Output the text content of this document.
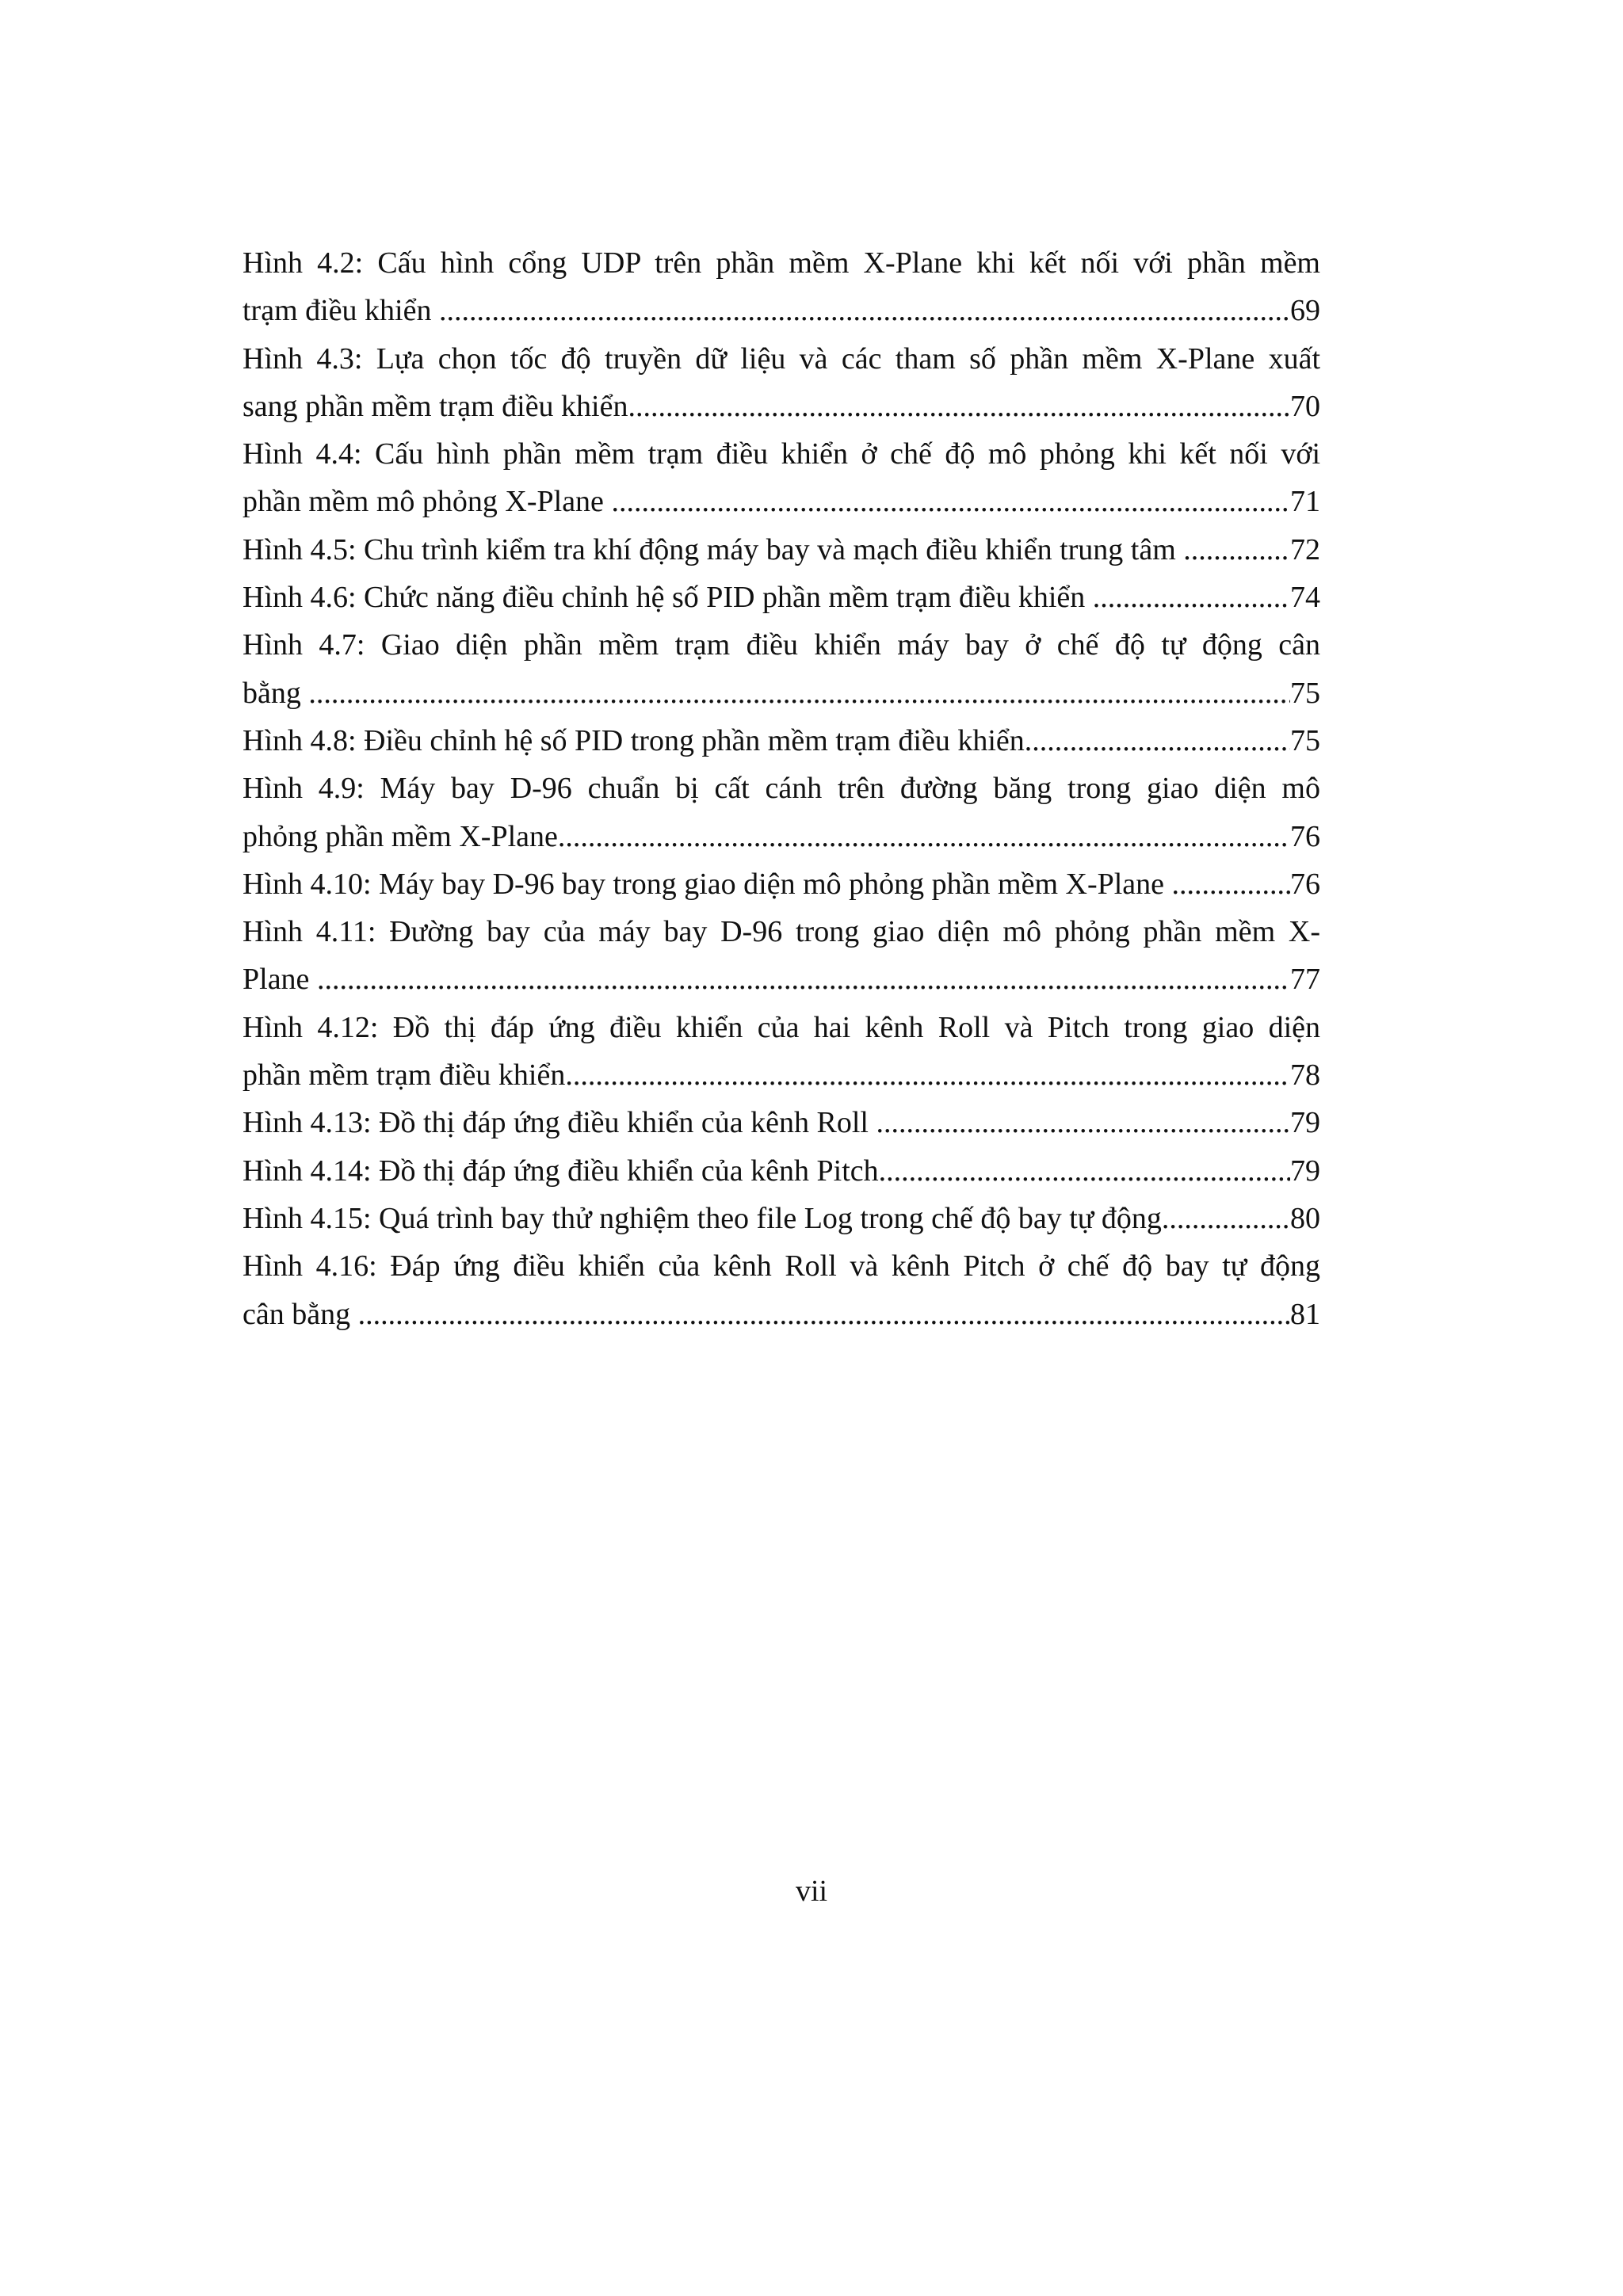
Hình 4.2: Cấu hình cổng UDP trên phần mềm X-Plane khi kết nối với phần mềm
trạm điều khiển .....	69
Hình 4.3: Lựa chọn tốc độ truyền dữ liệu và các tham số phần mềm X-Plane xuất
sang phần mềm trạm điều khiển .....	70
Hình 4.4: Cấu hình phần mềm trạm điều khiển ở chế độ mô phỏng khi kết nối với
phần mềm mô phỏng X-Plane .....	71
Hình 4.5: Chu trình kiểm tra khí động máy bay và mạch điều khiển trung tâm .....	72
Hình 4.6: Chức năng điều chỉnh hệ số PID phần mềm trạm điều khiển .....	74
Hình 4.7: Giao diện phần mềm trạm điều khiển máy bay ở chế độ tự động cân
bằng .....	75
Hình 4.8: Điều chỉnh hệ số PID trong phần mềm trạm điều khiển .....	75
Hình 4.9: Máy bay D-96 chuẩn bị cất cánh trên đường băng trong giao diện mô
phỏng phần mềm X-Plane .....	76
Hình 4.10: Máy bay D-96 bay trong giao diện mô phỏng phần mềm X-Plane .....	76
Hình 4.11: Đường bay của máy bay D-96 trong giao diện mô phỏng phần mềm X-
Plane .....	77
Hình 4.12: Đồ thị đáp ứng điều khiển của hai kênh Roll và Pitch trong giao diện
phần mềm trạm điều khiển .....	78
Hình 4.13: Đồ thị đáp ứng điều khiển của kênh Roll .....	79
Hình 4.14: Đồ thị đáp ứng điều khiển của kênh Pitch .....	79
Hình 4.15: Quá trình bay thử nghiệm theo file Log trong chế độ bay tự động .....	80
Hình 4.16: Đáp ứng điều khiển của kênh Roll và kênh Pitch ở chế độ bay tự động
cân bằng .....	81
vii
